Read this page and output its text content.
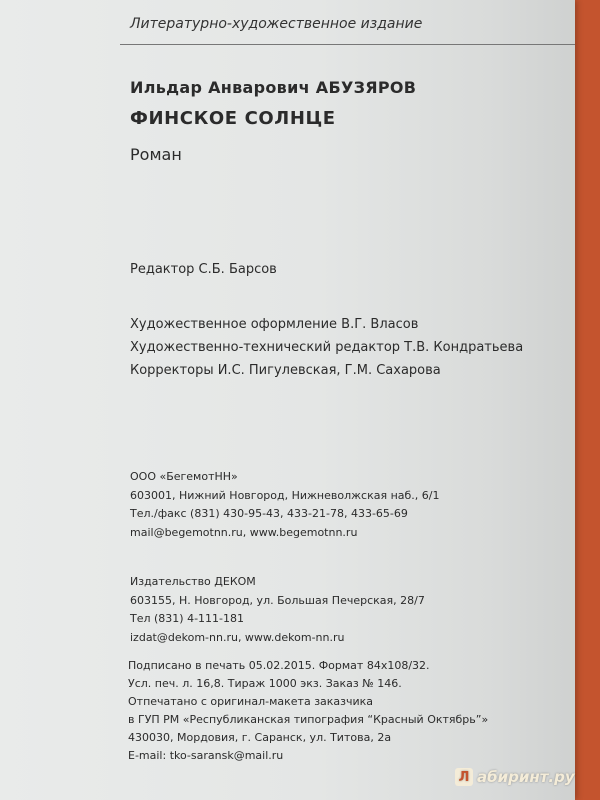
Литературно-художественное издание
Ильдар Анварович АБУЗЯРОВ
ФИНСКОЕ СОЛНЦЕ
Роман
Редактор С.Б. Барсов
Художественное оформление В.Г. Власов
Художественно-технический редактор Т.В. Кондратьева
Корректоры И.С. Пигулевская, Г.М. Сахарова
ООО «БегемотНН»
603001, Нижний Новгород, Нижневолжская наб., 6/1
Тел./факс (831) 430-95-43, 433-21-78, 433-65-69
mail@begemotnn.ru, www.begemotnn.ru
Издательство ДЕКОМ
603155, Н. Новгород, ул. Большая Печерская, 28/7
Тел (831) 4-111-181
izdat@dekom-nn.ru, www.dekom-nn.ru
Подписано в печать 05.02.2015. Формат 84х108/32.
Усл. печ. л. 16,8. Тираж 1000 экз. Заказ № 146.
Отпечатано с оригинал-макета заказчика
в ГУП РМ «Республиканская типография “Красный Октябрь”»
430030, Мордовия, г. Саранск, ул. Титова, 2а
E-mail: tko-saransk@mail.ru
Л абиринт.ру
